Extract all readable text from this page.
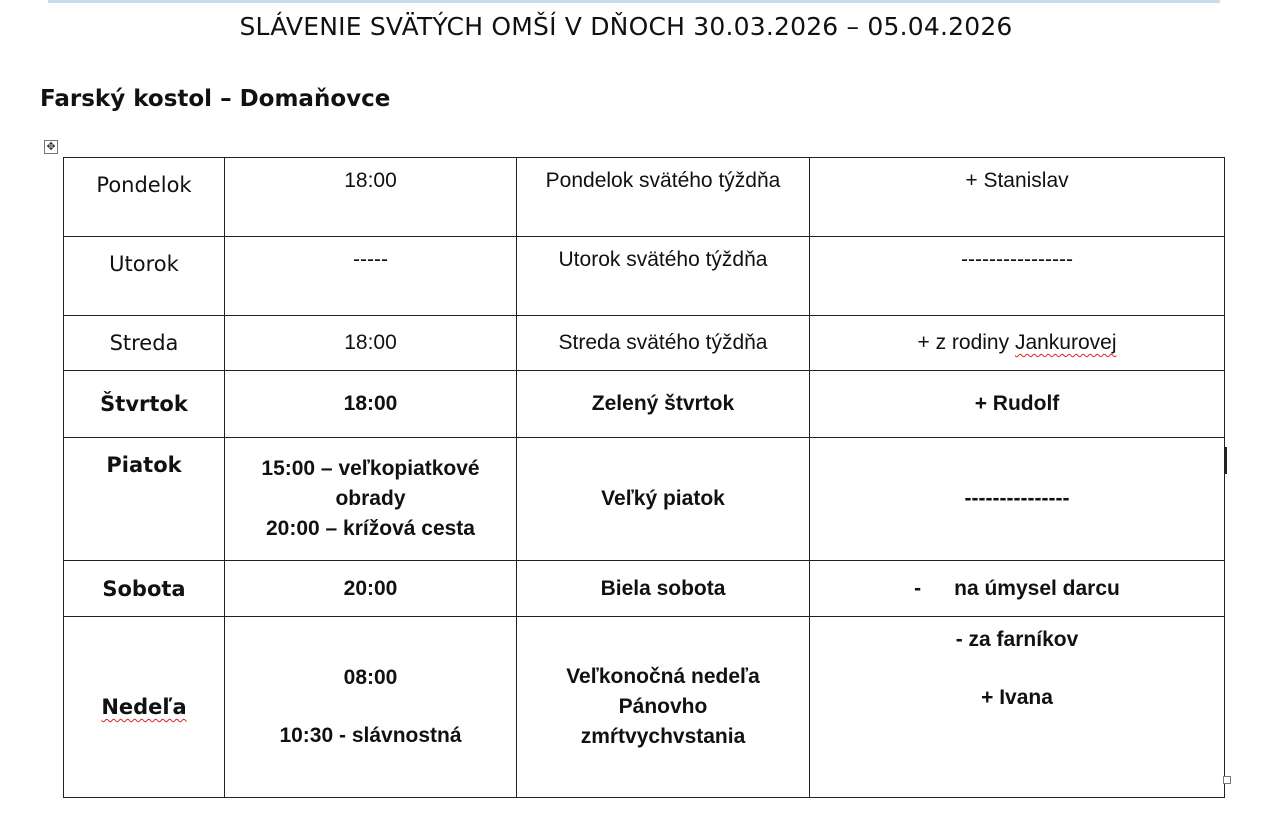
SLÁVENIE SVÄTÝCH OMŠÍ V DŇOCH 30.03.2026 – 05.04.2026
Farský kostol – Domaňovce
✥
Pondelok	18:00	Pondelok svätého týždňa	+ Stanislav
Utorok	-----	Utorok svätého týždňa	----------------
Streda	18:00	Streda svätého týždňa	+ z rodiny Jankurovej
Štvrtok	18:00	Zelený štvrtok	+ Rudolf
Piatok	15:00 – veľkopiatkové
obrady
20:00 – krížová cesta	Veľký piatok	---------------
Sobota	20:00	Biela sobota	- na úmysel darcu
Nedeľa	08:00
10:30 - slávnostná	Veľkonočná nedeľa
Pánovho
zmŕtvychvstania	- za farníkov
+ Ivana
